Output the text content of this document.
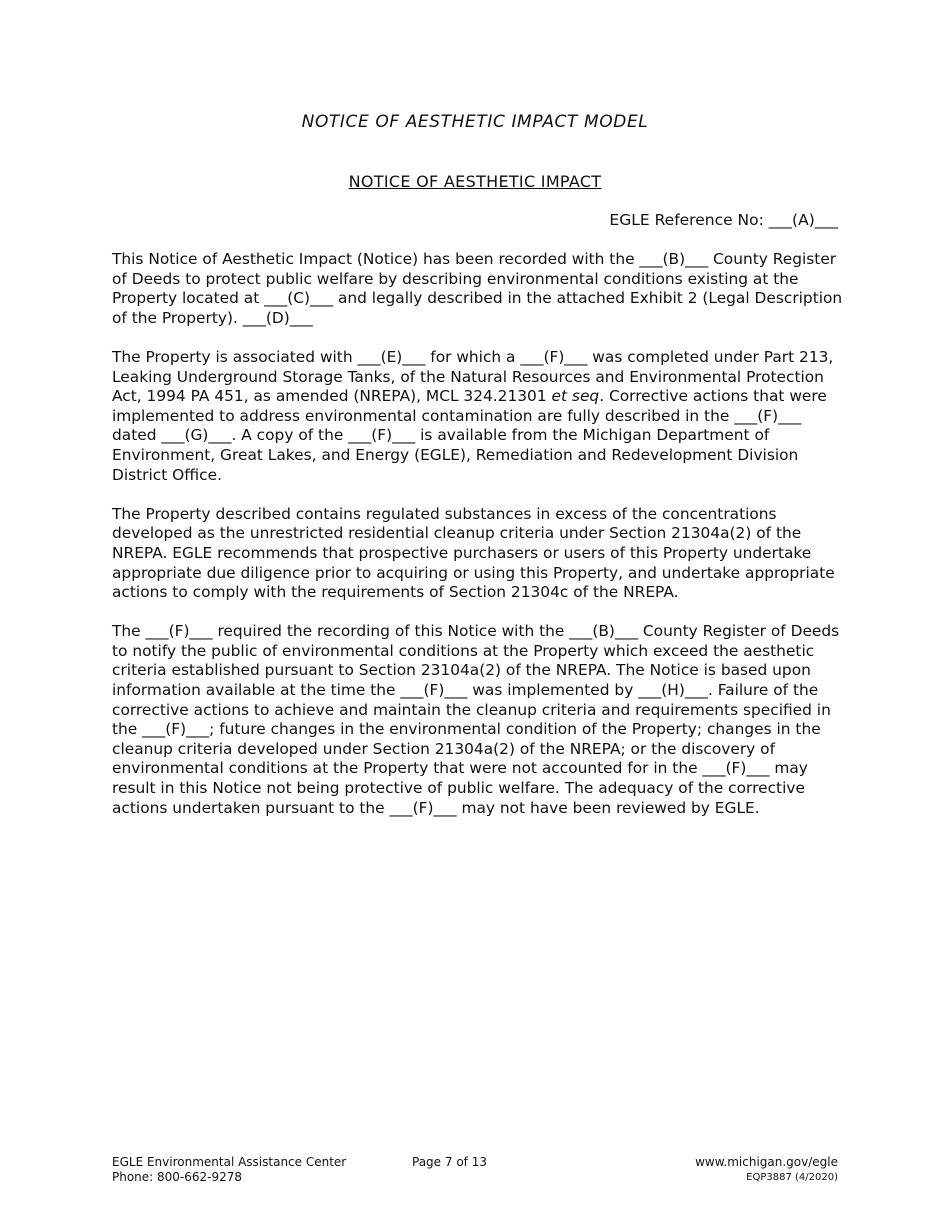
NOTICE OF AESTHETIC IMPACT MODEL
NOTICE OF AESTHETIC IMPACT
EGLE Reference No: ___(A)___

This Notice of Aesthetic Impact (Notice) has been recorded with the ___(B)___ County Register of Deeds to protect public welfare by describing environmental conditions existing at the Property located at ___(C)___ and legally described in the attached Exhibit 2 (Legal Description of the Property). ___(D)___

The Property is associated with ___(E)___ for which a ___(F)___ was completed under Part 213, Leaking Underground Storage Tanks, of the Natural Resources and Environmental Protection Act, 1994 PA 451, as amended (NREPA), MCL 324.21301 et seq. Corrective actions that were implemented to address environmental contamination are fully described in the ___(F)___ dated ___(G)___. A copy of the ___(F)___ is available from the Michigan Department of Environment, Great Lakes, and Energy (EGLE), Remediation and Redevelopment Division District Office.

The Property described contains regulated substances in excess of the concentrations developed as the unrestricted residential cleanup criteria under Section 21304a(2) of the NREPA. EGLE recommends that prospective purchasers or users of this Property undertake appropriate due diligence prior to acquiring or using this Property, and undertake appropriate actions to comply with the requirements of Section 21304c of the NREPA.

The ___(F)___ required the recording of this Notice with the ___(B)___ County Register of Deeds to notify the public of environmental conditions at the Property which exceed the aesthetic criteria established pursuant to Section 23104a(2) of the NREPA. The Notice is based upon information available at the time the ___(F)___ was implemented by ___(H)___. Failure of the corrective actions to achieve and maintain the cleanup criteria and requirements specified in the ___(F)___; future changes in the environmental condition of the Property; changes in the cleanup criteria developed under Section 21304a(2) of the NREPA; or the discovery of environmental conditions at the Property that were not accounted for in the ___(F)___ may result in this Notice not being protective of public welfare. The adequacy of the corrective actions undertaken pursuant to the ___(F)___ may not have been reviewed by EGLE.

EGLE Environmental Assistance Center
Phone: 800-662-9278
Page 7 of 13	www.michigan.gov/egle
EQP3887 (4/2020)
